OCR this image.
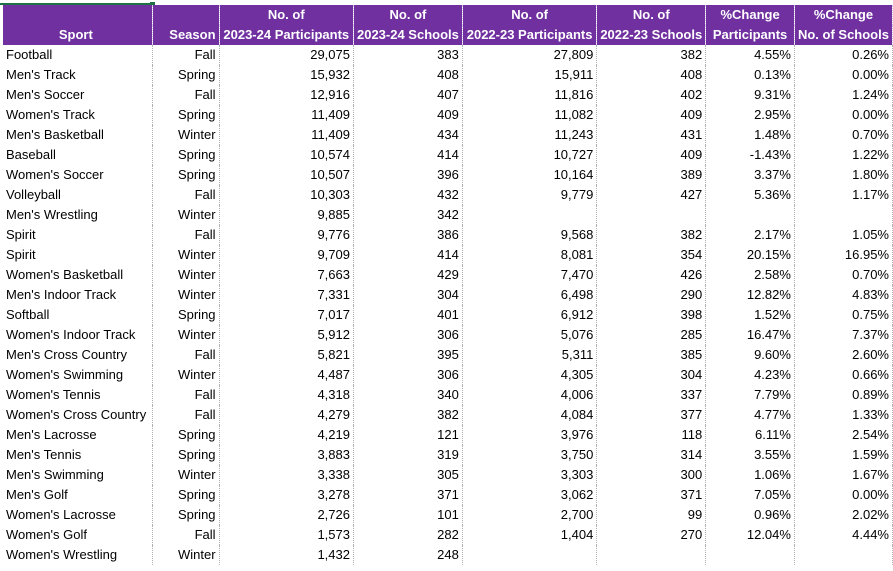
		No. of	No. of	No. of	No. of	%Change	%Change
Sport	Season	2023-24 Participants	2023-24 Schools	2022-23 Participants	2022-23 Schools	Participants	No. of Schools
Football	Fall	29,075	383	27,809	382	4.55%	0.26%
Men's Track	Spring	15,932	408	15,911	408	0.13%	0.00%
Men's Soccer	Fall	12,916	407	11,816	402	9.31%	1.24%
Women's Track	Spring	11,409	409	11,082	409	2.95%	0.00%
Men's Basketball	Winter	11,409	434	11,243	431	1.48%	0.70%
Baseball	Spring	10,574	414	10,727	409	-1.43%	1.22%
Women's Soccer	Spring	10,507	396	10,164	389	3.37%	1.80%
Volleyball	Fall	10,303	432	9,779	427	5.36%	1.17%
Men's Wrestling	Winter	9,885	342				
Spirit	Fall	9,776	386	9,568	382	2.17%	1.05%
Spirit	Winter	9,709	414	8,081	354	20.15%	16.95%
Women's Basketball	Winter	7,663	429	7,470	426	2.58%	0.70%
Men's Indoor Track	Winter	7,331	304	6,498	290	12.82%	4.83%
Softball	Spring	7,017	401	6,912	398	1.52%	0.75%
Women's Indoor Track	Winter	5,912	306	5,076	285	16.47%	7.37%
Men's Cross Country	Fall	5,821	395	5,311	385	9.60%	2.60%
Women's Swimming	Winter	4,487	306	4,305	304	4.23%	0.66%
Women's Tennis	Fall	4,318	340	4,006	337	7.79%	0.89%
Women's Cross Country	Fall	4,279	382	4,084	377	4.77%	1.33%
Men's Lacrosse	Spring	4,219	121	3,976	118	6.11%	2.54%
Men's Tennis	Spring	3,883	319	3,750	314	3.55%	1.59%
Men's Swimming	Winter	3,338	305	3,303	300	1.06%	1.67%
Men's Golf	Spring	3,278	371	3,062	371	7.05%	0.00%
Women's Lacrosse	Spring	2,726	101	2,700	99	0.96%	2.02%
Women's Golf	Fall	1,573	282	1,404	270	12.04%	4.44%
Women's Wrestling	Winter	1,432	248				
